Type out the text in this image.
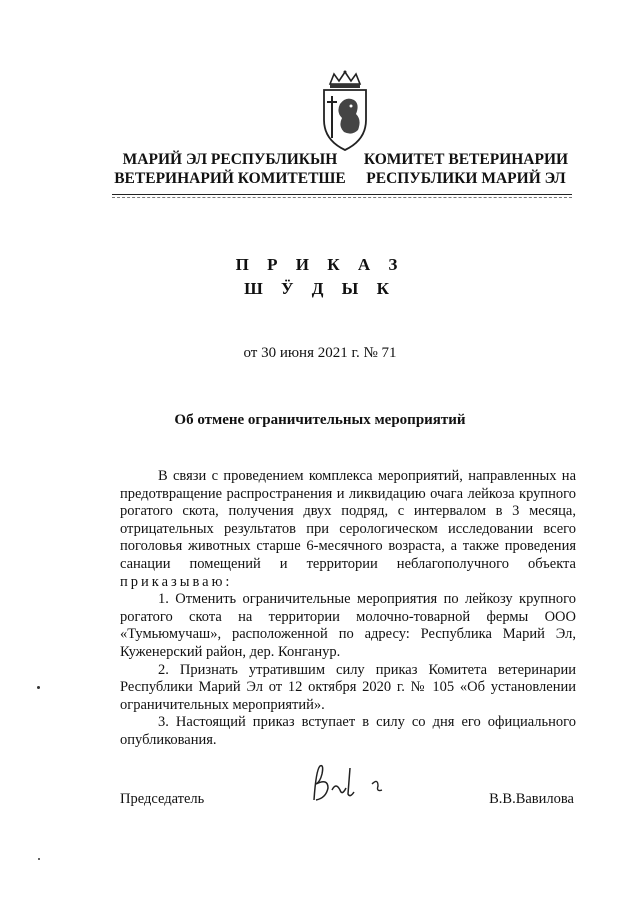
МАРИЙ ЭЛ РЕСПУБЛИКЫН
ВЕТЕРИНАРИЙ КОМИТЕТШЕ
КОМИТЕТ ВЕТЕРИНАРИИ
РЕСПУБЛИКИ МАРИЙ ЭЛ
П Р И К А З
Ш Ӱ Д Ы К
от 30 июня 2021 г. № 71
Об отмене ограничительных мероприятий

В связи с проведением комплекса мероприятий, направленных на предотвращение распространения и ликвидацию очага лейкоза крупного рогатого скота, получения двух подряд, с интервалом в 3 месяца, отрицательных результатов при серологическом исследовании всего поголовья животных старше 6-месячного возраста, а также проведения санации помещений и территории неблагополучного объекта приказываю:

1. Отменить ограничительные мероприятия по лейкозу крупного рогатого скота на территории молочно-товарной фермы ООО «Тумьюмучаш», расположенной по адресу: Республика Марий Эл, Куженерский район, дер. Конганур.

2. Признать утратившим силу приказ Комитета ветеринарии Республики Марий Эл от 12 октября 2020 г. № 105 «Об установлении ограничительных мероприятий».

3. Настоящий приказ вступает в силу со дня его официального опубликования.

Председатель	В.В.Вавилова
